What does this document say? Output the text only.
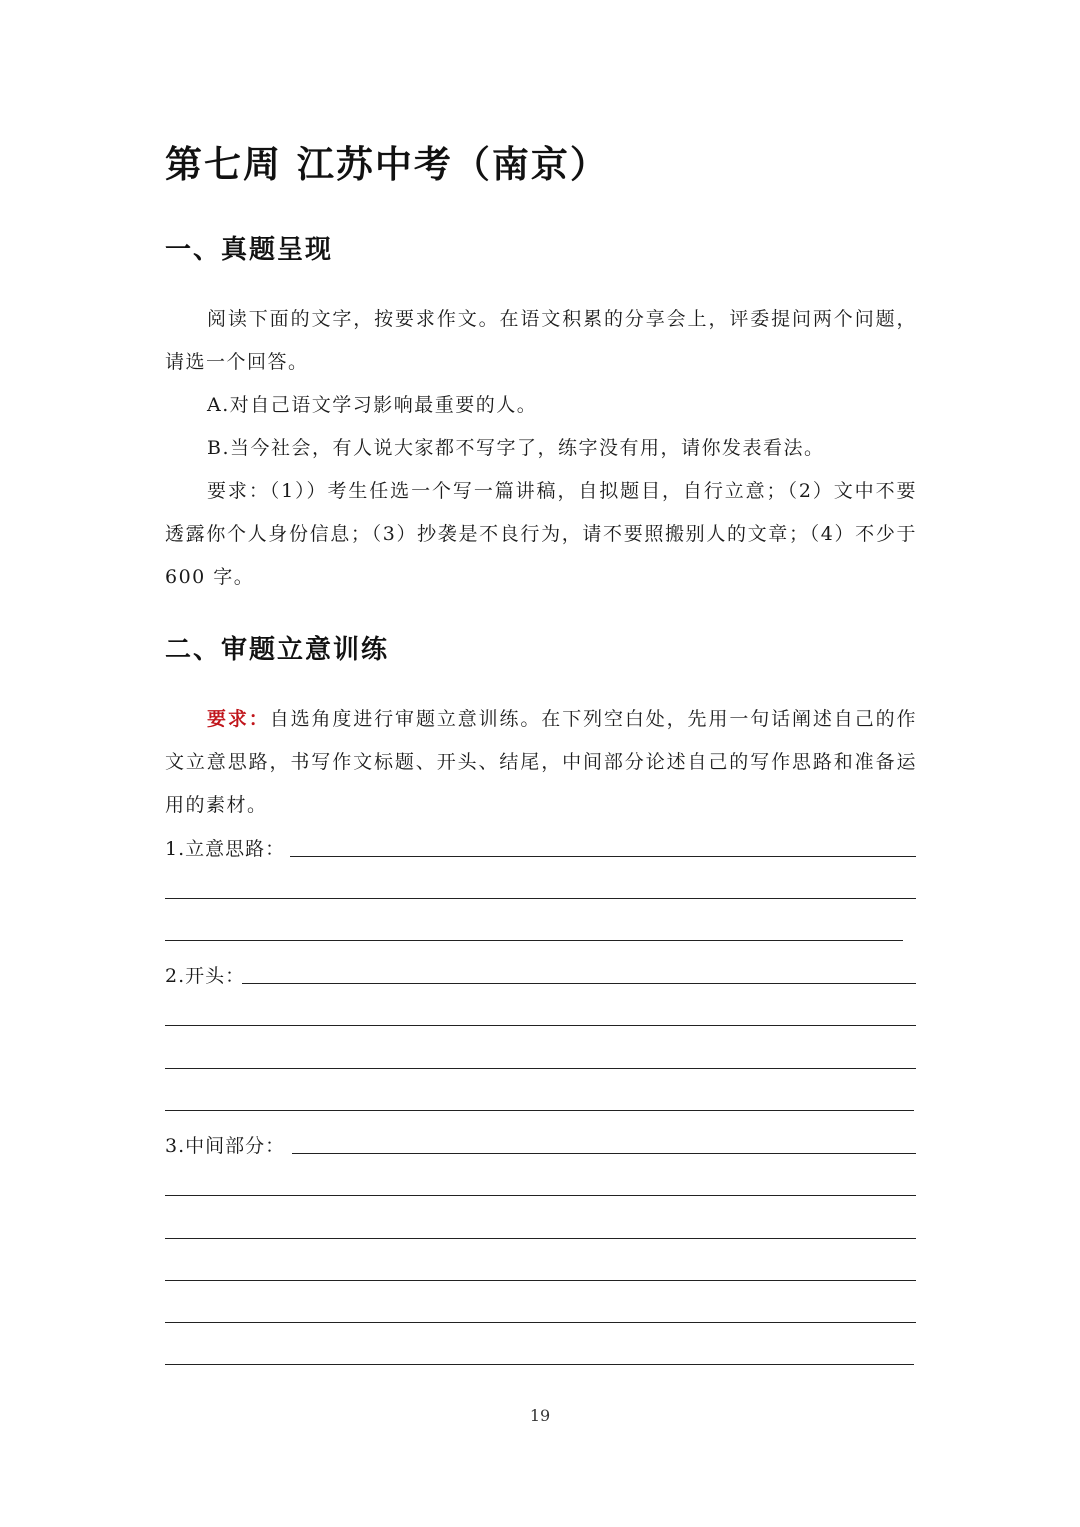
第七周 江苏中考（南京）
一、真题呈现
阅读下面的文字，按要求作文。在语文积累的分享会上，评委提问两个问题，请选一个回答。
A.对自己语文学习影响最重要的人。
B.当今社会，有人说大家都不写字了，练字没有用，请你发表看法。
要求：（1））考生任选一个写一篇讲稿，自拟题目，自行立意；（2）文中不要透露你个人身份信息；（3）抄袭是不良行为，请不要照搬别人的文章；（4）不少于 600 字。
二、审题立意训练
要求：自选角度进行审题立意训练。在下列空白处，先用一句话阐述自己的作文立意思路，书写作文标题、开头、结尾，中间部分论述自己的写作思路和准备运用的素材。
1.立意思路：
2.开头：
3.中间部分：
19
